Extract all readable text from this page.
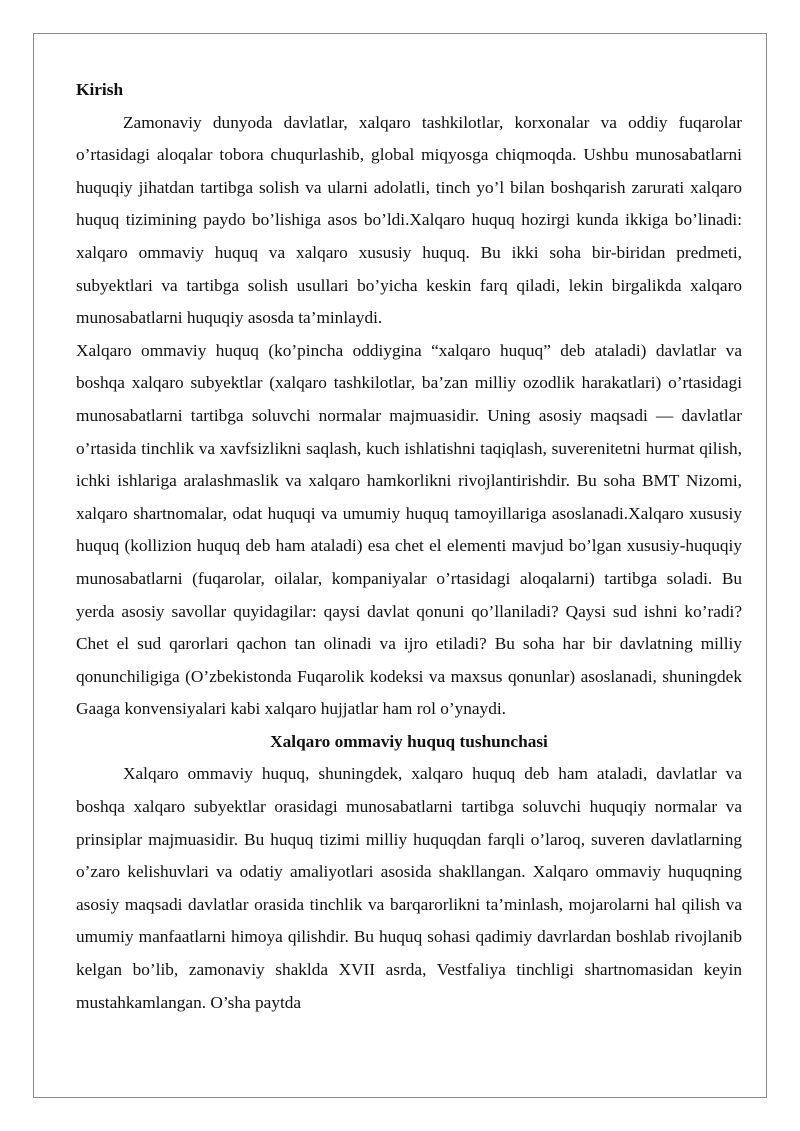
Kirish

Zamonaviy dunyoda davlatlar, xalqaro tashkilotlar, korxonalar va oddiy fuqarolar o’rtasidagi aloqalar tobora chuqurlashib, global miqyosga chiqmoqda. Ushbu munosabatlarni huquqiy jihatdan tartibga solish va ularni adolatli, tinch yo’l bilan boshqarish zarurati xalqaro huquq tizimining paydo bo’lishiga asos bo’ldi.Xalqaro huquq hozirgi kunda ikkiga bo’linadi: xalqaro ommaviy huquq va xalqaro xususiy huquq. Bu ikki soha bir-biridan predmeti, subyektlari va tartibga solish usullari bo’yicha keskin farq qiladi, lekin birgalikda xalqaro munosabatlarni huquqiy asosda ta’minlaydi.

Xalqaro ommaviy huquq (ko’pincha oddiygina “xalqaro huquq” deb ataladi) davlatlar va boshqa xalqaro subyektlar (xalqaro tashkilotlar, ba’zan milliy ozodlik harakatlari) o’rtasidagi munosabatlarni tartibga soluvchi normalar majmuasidir. Uning asosiy maqsadi — davlatlar o’rtasida tinchlik va xavfsizlikni saqlash, kuch ishlatishni taqiqlash, suverenitetni hurmat qilish, ichki ishlariga aralashmaslik va xalqaro hamkorlikni rivojlantirishdir. Bu soha BMT Nizomi, xalqaro shartnomalar, odat huquqi va umumiy huquq tamoyillariga asoslanadi.Xalqaro xususiy huquq (kollizion huquq deb ham ataladi) esa chet el elementi mavjud bo’lgan xususiy-huquqiy munosabatlarni (fuqarolar, oilalar, kompaniyalar o’rtasidagi aloqalarni) tartibga soladi. Bu yerda asosiy savollar quyidagilar: qaysi davlat qonuni qo’llaniladi? Qaysi sud ishni ko’radi? Chet el sud qarorlari qachon tan olinadi va ijro etiladi? Bu soha har bir davlatning milliy qonunchiligiga (O’zbekistonda Fuqarolik kodeksi va maxsus qonunlar) asoslanadi, shuningdek Gaaga konvensiyalari kabi xalqaro hujjatlar ham rol o’ynaydi.

Xalqaro ommaviy huquq tushunchasi

Xalqaro ommaviy huquq, shuningdek, xalqaro huquq deb ham ataladi, davlatlar va boshqa xalqaro subyektlar orasidagi munosabatlarni tartibga soluvchi huquqiy normalar va prinsiplar majmuasidir. Bu huquq tizimi milliy huquqdan farqli o’laroq, suveren davlatlarning o’zaro kelishuvlari va odatiy amaliyotlari asosida shakllangan. Xalqaro ommaviy huquqning asosiy maqsadi davlatlar orasida tinchlik va barqarorlikni ta’minlash, mojarolarni hal qilish va umumiy manfaatlarni himoya qilishdir. Bu huquq sohasi qadimiy davrlardan boshlab rivojlanib kelgan bo’lib, zamonaviy shaklda XVII asrda, Vestfaliya tinchligi shartnomasidan keyin mustahkamlangan. O’sha paytda
